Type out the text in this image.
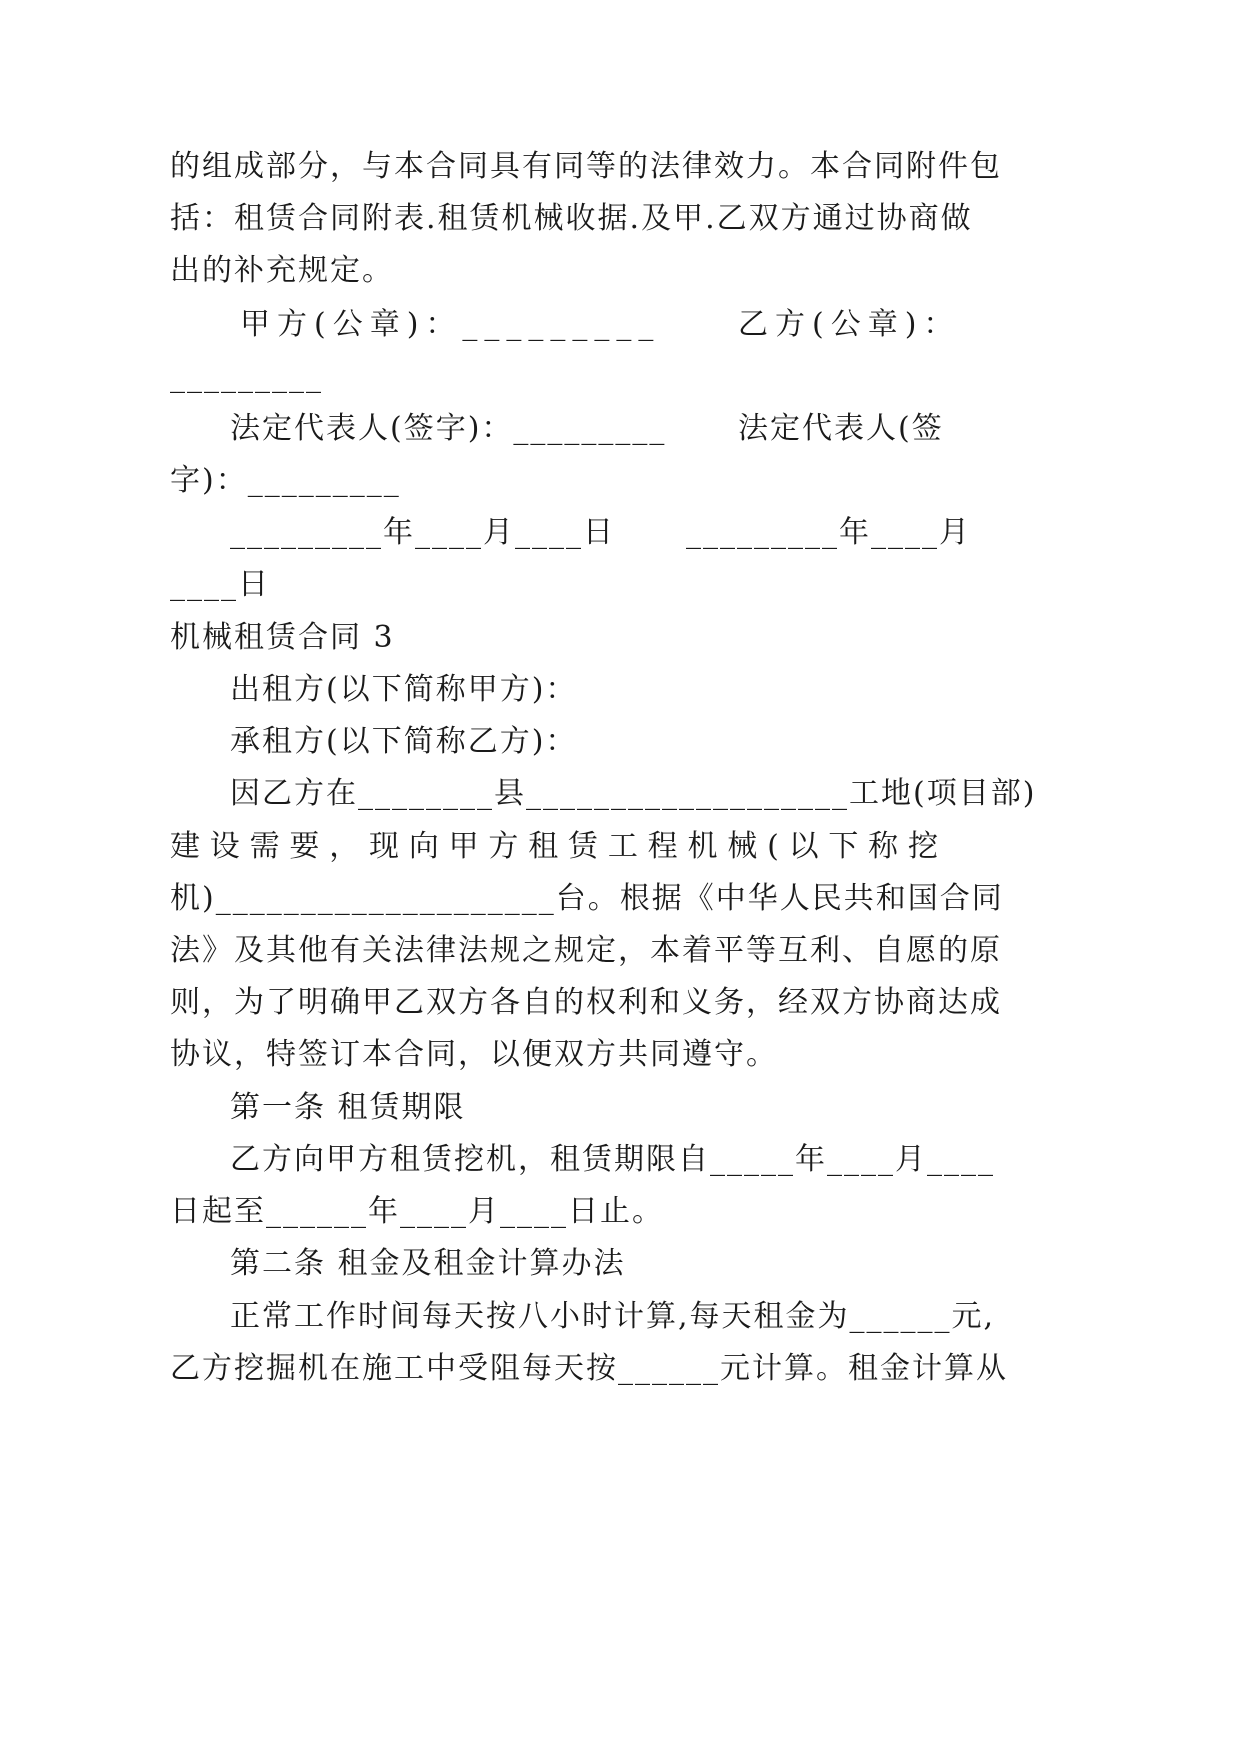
的组成部分，与本合同具有同等的法律效力。本合同附件包
括：租赁合同附表.租赁机械收据.及甲.乙双方通过协商做
出的补充规定。
甲方(公章)：_________	乙方(公章)：
_________
法定代表人(签字)：_________ 法定代表人(签
字)：_________
_________年____月____日 _________年____月
____日
机械租赁合同 3
出租方(以下简称甲方)：
承租方(以下简称乙方)：
因乙方在________县___________________工地(项目部)
建设需要，现向甲方租赁工程机械(以下称挖
机)____________________台。根据《中华人民共和国合同
法》及其他有关法律法规之规定，本着平等互利、自愿的原
则，为了明确甲乙双方各自的权利和义务，经双方协商达成
协议，特签订本合同，以便双方共同遵守。
第一条 租赁期限
乙方向甲方租赁挖机，租赁期限自_____年____月____
日起至______年____月____日止。
第二条 租金及租金计算办法
正常工作时间每天按八小时计算,每天租金为______元,
乙方挖掘机在施工中受阻每天按______元计算。租金计算从
